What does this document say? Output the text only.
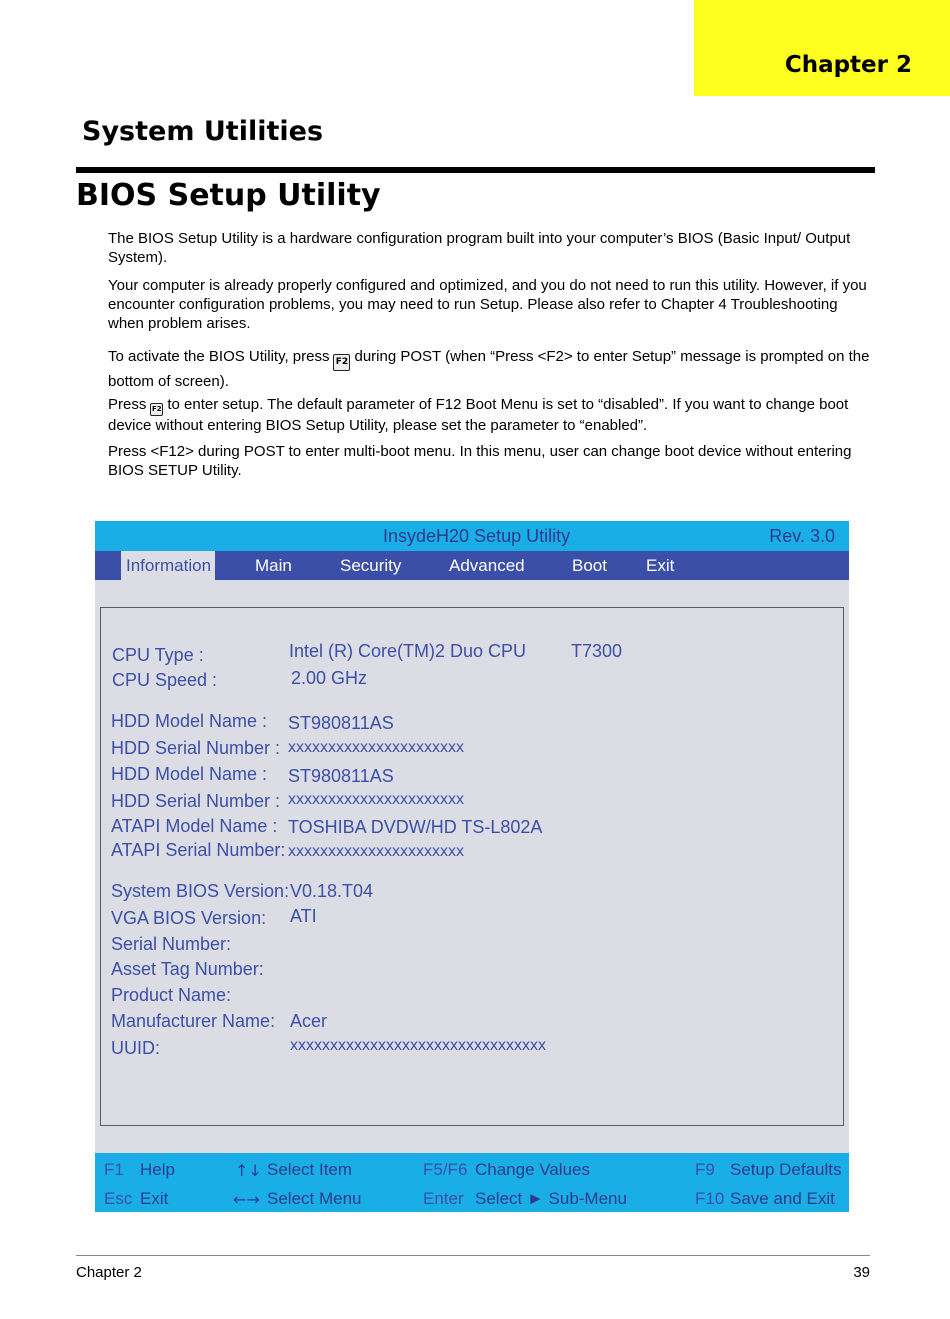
Chapter 2
System Utilities
BIOS Setup Utility

The BIOS Setup Utility is a hardware configuration program built into your computer’s BIOS (Basic Input/ Output System).

Your computer is already properly configured and optimized, and you do not need to run this utility. However, if you encounter configuration problems, you may need to run Setup. Please also refer to Chapter 4 Troubleshooting when problem arises.

To activate the BIOS Utility, press F2 during POST (when “Press <F2> to enter Setup” message is prompted on the bottom of screen).

Press F2 to enter setup. The default parameter of F12 Boot Menu is set to “disabled”. If you want to change boot device without entering BIOS Setup Utility, please set the parameter to “enabled”.

Press <F12> during POST to enter multi-boot menu. In this menu, user can change boot device without entering BIOS SETUP Utility.

InsydeH20 Setup Utility	Rev. 3.0
Information	Main	Security	Advanced	Boot Exit
CPU Type :	Intel (R) Core(TM)2 Duo CPU T7300
CPU Speed :	2.00 GHz
HDD Model Name : ST980811AS
HDD Serial Number : xxxxxxxxxxxxxxxxxxxxxx
HDD Model Name : ST980811AS
HDD Serial Number : xxxxxxxxxxxxxxxxxxxxxx
ATAPI Model Name : TOSHIBA DVDW/HD TS-L802A
ATAPI Serial Number: xxxxxxxxxxxxxxxxxxxxxx
System BIOS Version: V0.18.T04
VGA BIOS Version: ATI
Serial Number:
Asset Tag Number:
Product Name:
Manufacturer Name: Acer
UUID:	xxxxxxxxxxxxxxxxxxxxxxxxxxxxxxxx
F1 Help	↑↓ Select Item	F5/F6 Change Values	F9 Setup Defaults
Esc Exit	←→ Select Menu	Enter Select ► Sub-Menu	F10 Save and Exit
Chapter 2	39
